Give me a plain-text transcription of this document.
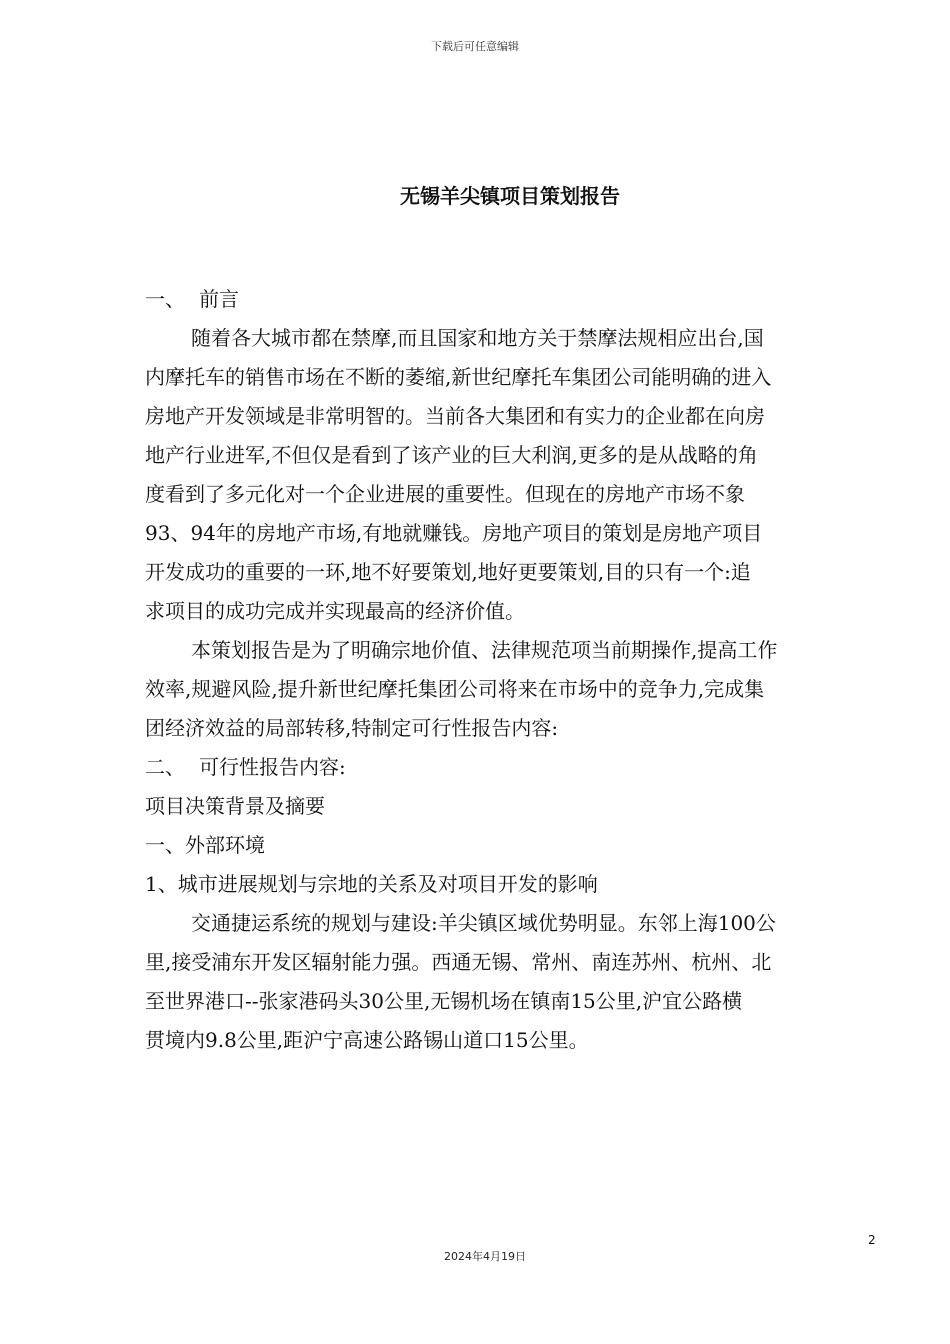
下载后可任意编辑
无锡羊尖镇项目策划报告

一、 前言

随着各大城市都在禁摩,而且国家和地方关于禁摩法规相应出台,国

内摩托车的销售市场在不断的萎缩,新世纪摩托车集团公司能明确的进入

房地产开发领域是非常明智的。当前各大集团和有实力的企业都在向房

地产行业进军,不但仅是看到了该产业的巨大利润,更多的是从战略的角

度看到了多元化对一个企业进展的重要性。但现在的房地产市场不象

93、94年的房地产市场,有地就赚钱。房地产项目的策划是房地产项目

开发成功的重要的一环,地不好要策划,地好更要策划,目的只有一个:追

求项目的成功完成并实现最高的经济价值。

本策划报告是为了明确宗地价值、法律规范项当前期操作,提高工作

效率,规避风险,提升新世纪摩托集团公司将来在市场中的竞争力,完成集

团经济效益的局部转移,特制定可行性报告内容:

二、 可行性报告内容:

项目决策背景及摘要

一、外部环境

1、城市进展规划与宗地的关系及对项目开发的影响

交通捷运系统的规划与建设:羊尖镇区域优势明显。东邻上海100公

里,接受浦东开发区辐射能力强。西通无锡、常州、南连苏州、杭州、北

至世界港口--张家港码头30公里,无锡机场在镇南15公里,沪宜公路横

贯境内9.8公里,距沪宁高速公路锡山道口15公里。

2
2024年4月19日
